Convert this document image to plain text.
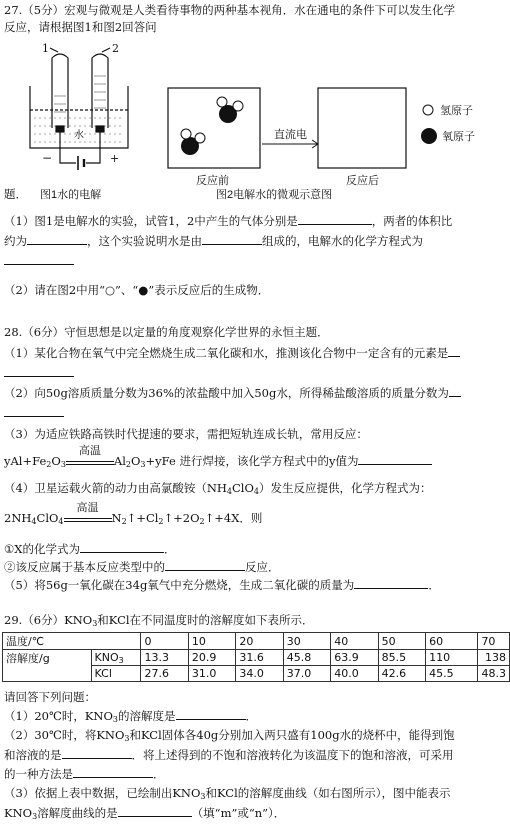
27.（5分）宏观与微观是人类看待事物的两种基本视角．水在通电的条件下可以发生化学
反应，请根据图1和图2回答问
1	2
水
−	+
图1水的电解
直流电
反应前	反应后
图2电解水的微观示意图
氢原子
氧原子
题．
（1）图1是电解水的实验，试管1，2中产生的气体分别是	，两者的体积比
约为	，这个实验说明水是由	组成的，电解水的化学方程式为
（2）请在图2中用“○”、“●”表示反应后的生成物．
28.（6分）守恒思想是以定量的角度观察化学世界的永恒主题．
（1）某化合物在氧气中完全燃烧生成二氧化碳和水，推测该化合物中一定含有的元素是
（2）向50g溶质质量分数为36%的浓盐酸中加入50g水，所得稀盐酸溶质的质量分数为
（3）为适应铁路高铁时代提速的要求，需把短轨连成长轨，常用反应：
$yAl+Fe_2O_3$
高温
$Al_2O_3+yFe$ 进行焊接，该化学方程式中的y值为
（4）卫星运载火箭的动力由高氯酸铵$(NH_4ClO_4)$发生反应提供，化学方程式为：
$2NH_4ClO_4$
高温
$N_2↑+Cl_2↑+2O_2↑+4X$．则
①X的化学式为	．
②该反应属于基本反应类型中的	反应．
（5）将56g一氧化碳在34g氧气中充分燃烧，生成二氧化碳的质量为	．
29.（6分）$KNO_3$和KCl在不同温度时的溶解度如下表所示．
温度/℃		0	10	20	30	40	50	60	70
溶解度/g	$KNO_3$	13.3	20.9	31.6	45.8	63.9	85.5	110	138
	KCl	27.6	31.0	34.0	37.0	40.0	42.6	45.5	48.3
请回答下列问题：
（1）20℃时，$KNO_3$的溶解度是	．
（2）30℃时，将$KNO_3$和KCl固体各40g分别加入两只盛有100g水的烧杯中，能得到饱
和溶液的是	．将上述得到的不饱和溶液转化为该温度下的饱和溶液，可采用
的一种方法是	．
（3）依据上表中数据，已绘制出$KNO_3$和KCl的溶解度曲线（如右图所示），图中能表示
$KNO_3$溶解度曲线的是	（填“m”或“n”）．
